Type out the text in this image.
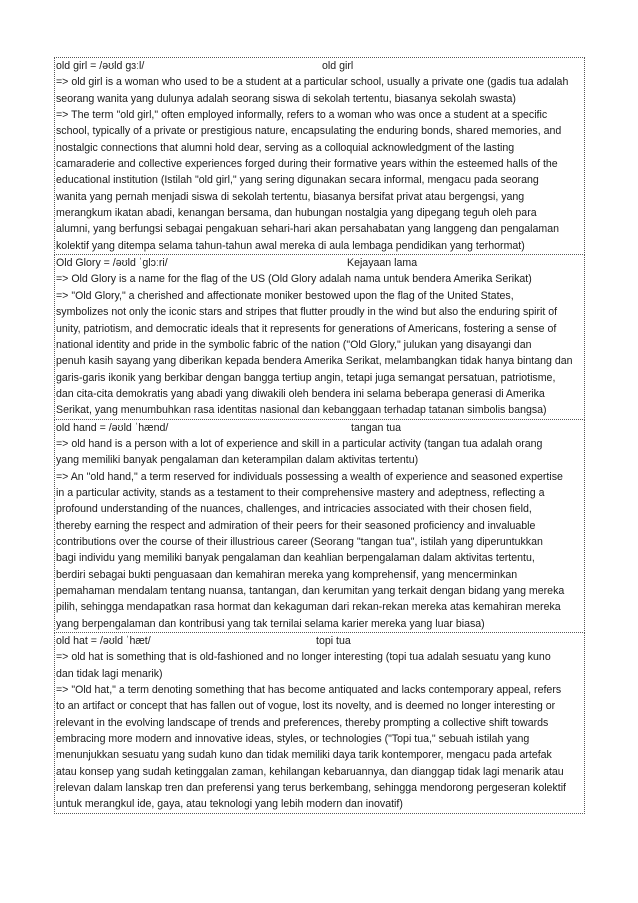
old girl = /əʊld ɡɜːl/	old girl
=> old girl is a woman who used to be a student at a particular school, usually a private one (gadis tua adalah
seorang wanita yang dulunya adalah seorang siswa di sekolah tertentu, biasanya sekolah swasta)
=> The term "old girl," often employed informally, refers to a woman who was once a student at a specific
school, typically of a private or prestigious nature, encapsulating the enduring bonds, shared memories, and
nostalgic connections that alumni hold dear, serving as a colloquial acknowledgment of the lasting
camaraderie and collective experiences forged during their formative years within the esteemed halls of the
educational institution (Istilah "old girl," yang sering digunakan secara informal, mengacu pada seorang
wanita yang pernah menjadi siswa di sekolah tertentu, biasanya bersifat privat atau bergengsi, yang
merangkum ikatan abadi, kenangan bersama, dan hubungan nostalgia yang dipegang teguh oleh para
alumni, yang berfungsi sebagai pengakuan sehari-hari akan persahabatan yang langgeng dan pengalaman
kolektif yang ditempa selama tahun-tahun awal mereka di aula lembaga pendidikan yang terhormat)
Old Glory = /əʊld ˈɡlɔːri/	Kejayaan lama
=> Old Glory is a name for the flag of the US (Old Glory adalah nama untuk bendera Amerika Serikat)
=> "Old Glory," a cherished and affectionate moniker bestowed upon the flag of the United States,
symbolizes not only the iconic stars and stripes that flutter proudly in the wind but also the enduring spirit of
unity, patriotism, and democratic ideals that it represents for generations of Americans, fostering a sense of
national identity and pride in the symbolic fabric of the nation ("Old Glory," julukan yang disayangi dan
penuh kasih sayang yang diberikan kepada bendera Amerika Serikat, melambangkan tidak hanya bintang dan
garis-garis ikonik yang berkibar dengan bangga tertiup angin, tetapi juga semangat persatuan, patriotisme,
dan cita-cita demokratis yang abadi yang diwakili oleh bendera ini selama beberapa generasi di Amerika
Serikat, yang menumbuhkan rasa identitas nasional dan kebanggaan terhadap tatanan simbolis bangsa)
old hand = /əʊld ˈhænd/	tangan tua
=> old hand is a person with a lot of experience and skill in a particular activity (tangan tua adalah orang
yang memiliki banyak pengalaman dan keterampilan dalam aktivitas tertentu)
=> An "old hand," a term reserved for individuals possessing a wealth of experience and seasoned expertise
in a particular activity, stands as a testament to their comprehensive mastery and adeptness, reflecting a
profound understanding of the nuances, challenges, and intricacies associated with their chosen field,
thereby earning the respect and admiration of their peers for their seasoned proficiency and invaluable
contributions over the course of their illustrious career (Seorang "tangan tua", istilah yang diperuntukkan
bagi individu yang memiliki banyak pengalaman dan keahlian berpengalaman dalam aktivitas tertentu,
berdiri sebagai bukti penguasaan dan kemahiran mereka yang komprehensif, yang mencerminkan
pemahaman mendalam tentang nuansa, tantangan, dan kerumitan yang terkait dengan bidang yang mereka
pilih, sehingga mendapatkan rasa hormat dan kekaguman dari rekan-rekan mereka atas kemahiran mereka
yang berpengalaman dan kontribusi yang tak ternilai selama karier mereka yang luar biasa)
old hat = /əʊld ˈhæt/	topi tua
=> old hat is something that is old-fashioned and no longer interesting (topi tua adalah sesuatu yang kuno
dan tidak lagi menarik)
=> "Old hat," a term denoting something that has become antiquated and lacks contemporary appeal, refers
to an artifact or concept that has fallen out of vogue, lost its novelty, and is deemed no longer interesting or
relevant in the evolving landscape of trends and preferences, thereby prompting a collective shift towards
embracing more modern and innovative ideas, styles, or technologies ("Topi tua," sebuah istilah yang
menunjukkan sesuatu yang sudah kuno dan tidak memiliki daya tarik kontemporer, mengacu pada artefak
atau konsep yang sudah ketinggalan zaman, kehilangan kebaruannya, dan dianggap tidak lagi menarik atau
relevan dalam lanskap tren dan preferensi yang terus berkembang, sehingga mendorong pergeseran kolektif
untuk merangkul ide, gaya, atau teknologi yang lebih modern dan inovatif)
